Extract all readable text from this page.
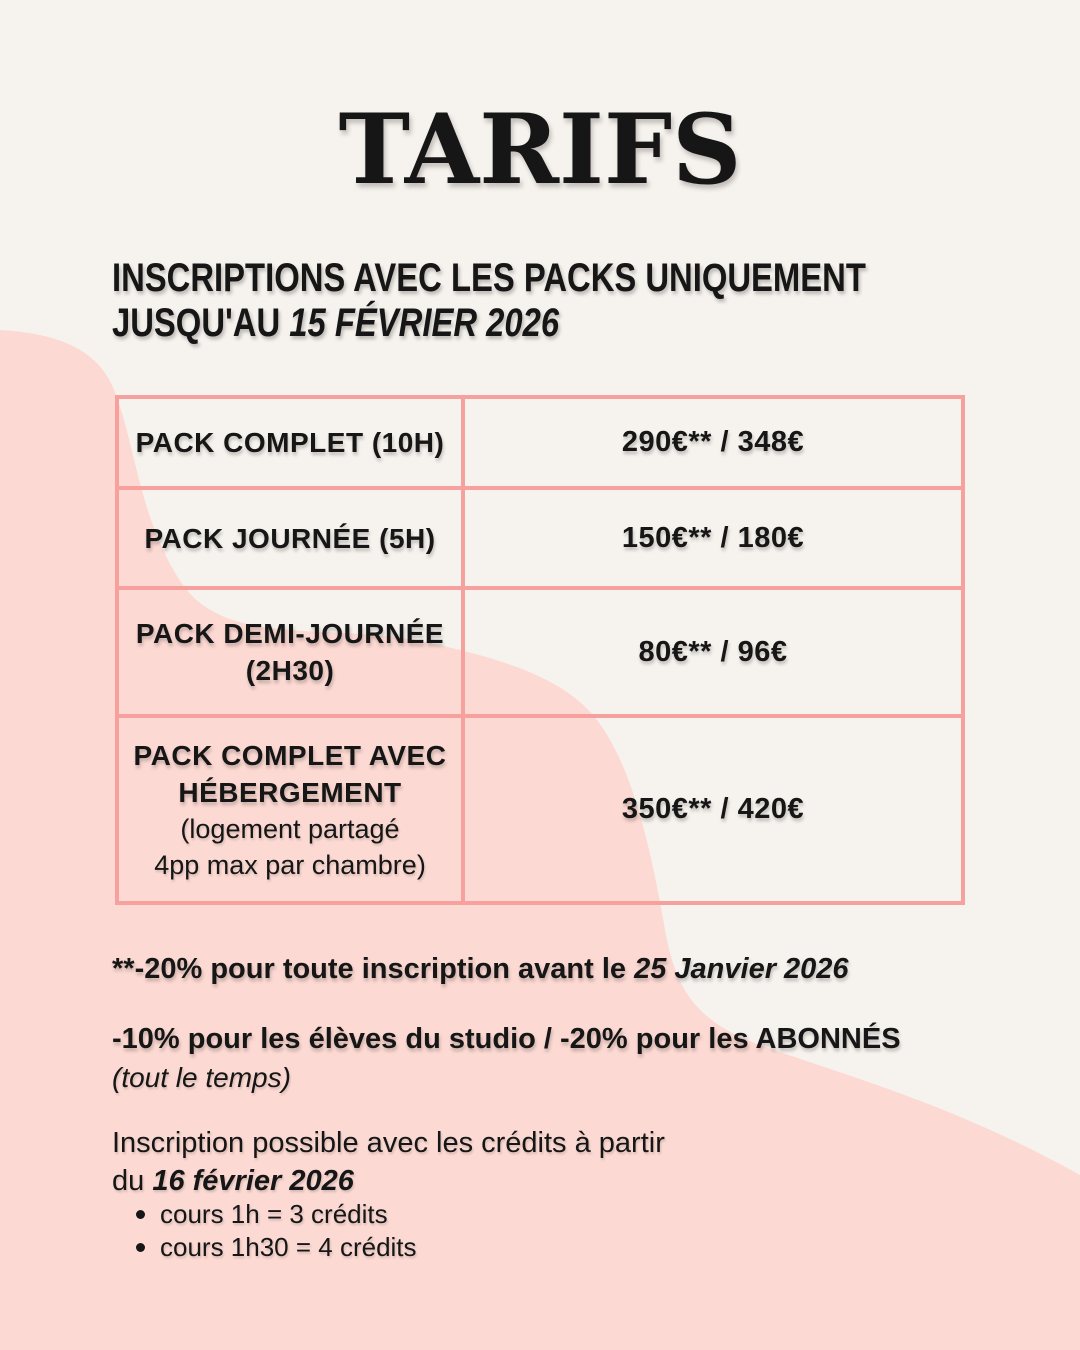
TARIFS
INSCRIPTIONS AVEC LES PACKS UNIQUEMENT
JUSQU'AU 15 FÉVRIER 2026
PACK COMPLET (10H)	290€** / 348€
PACK JOURNÉE (5H)	150€** / 180€
PACK DEMI-JOURNÉE
(2H30)
80€** / 96€
PACK COMPLET AVEC
HÉBERGEMENT
(logement partagé
4pp max par chambre)
350€** / 420€
**-20% pour toute inscription avant le 25 Janvier 2026
-10% pour les élèves du studio / -20% pour les ABONNÉS
(tout le temps)
Inscription possible avec les crédits à partir
du 16 février 2026
cours 1h = 3 crédits
cours 1h30 = 4 crédits
